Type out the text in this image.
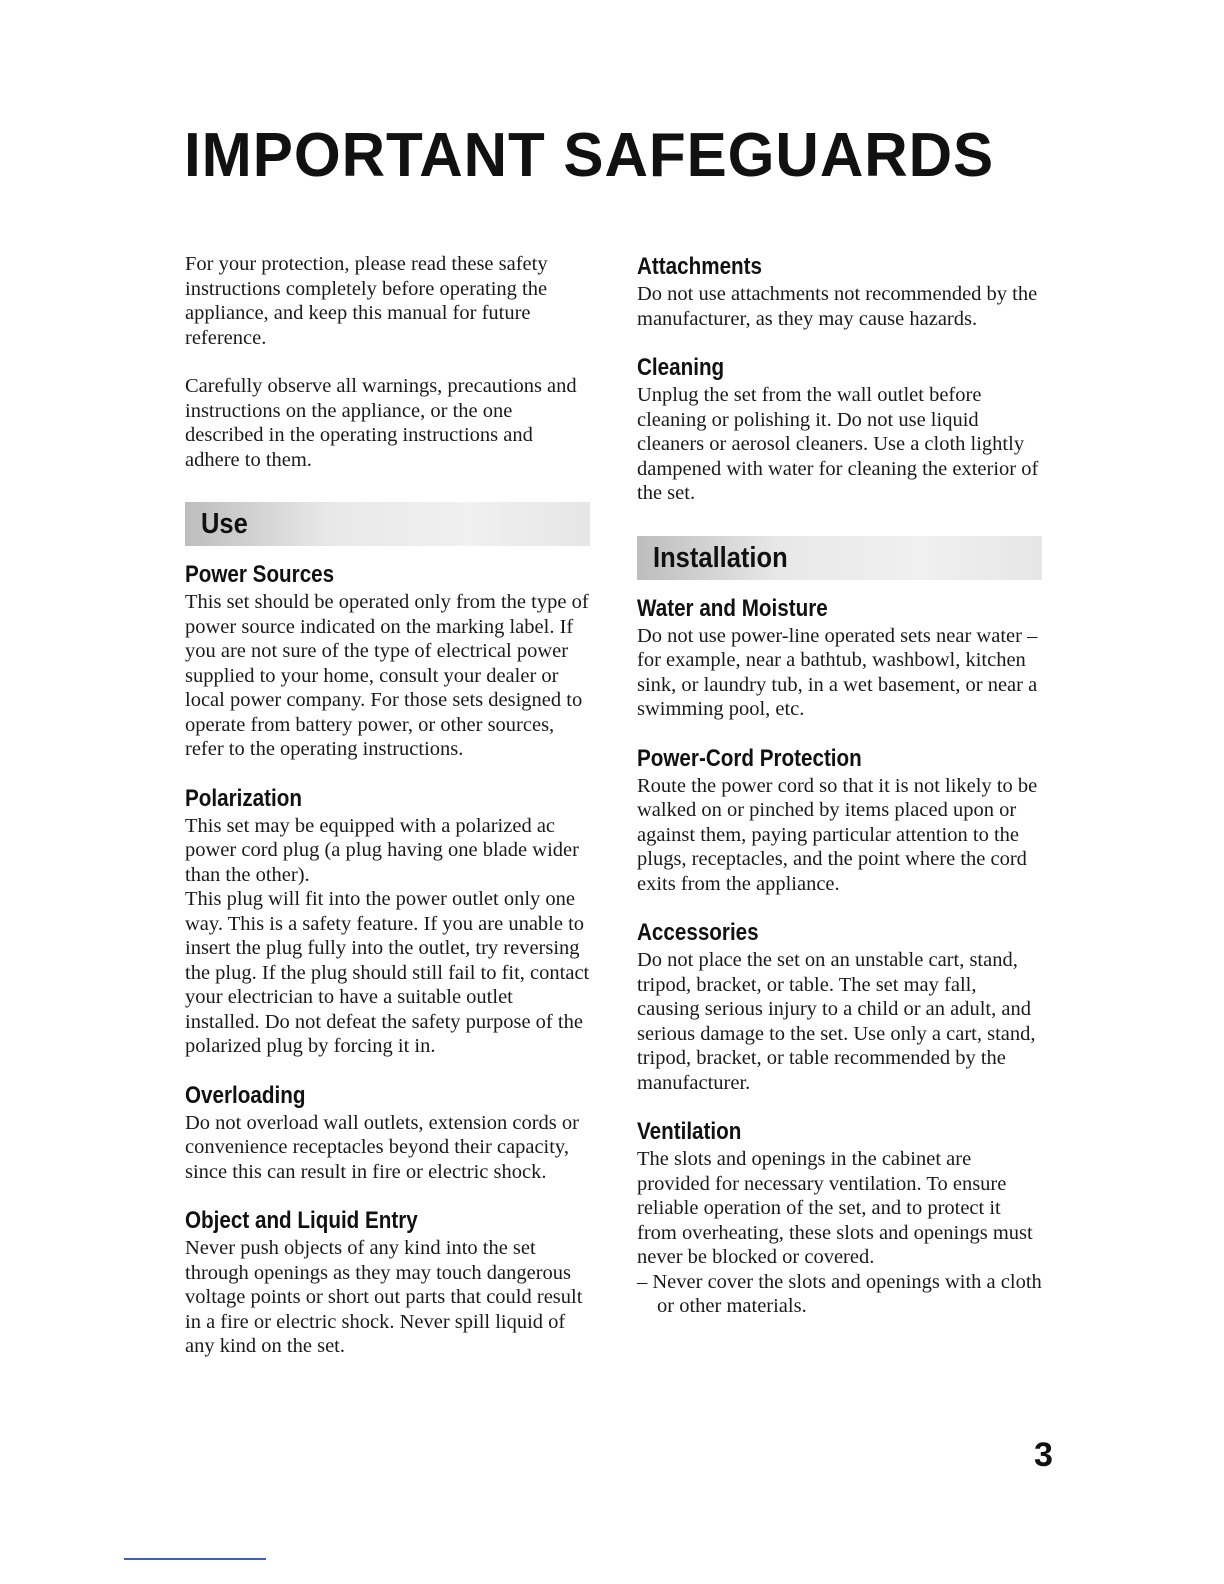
IMPORTANT SAFEGUARDS

For your protection, please read these safety instructions completely before operating the appliance, and keep this manual for future reference.

Carefully observe all warnings, precautions and instructions on the appliance, or the one described in the operating instructions and adhere to them.

Use
Power Sources

This set should be operated only from the type of power source indicated on the marking label. If you are not sure of the type of electrical power supplied to your home, consult your dealer or local power company. For those sets designed to operate from battery power, or other sources, refer to the operating instructions.

Polarization

This set may be equipped with a polarized ac power cord plug (a plug having one blade wider than the other).

This plug will fit into the power outlet only one way. This is a safety feature. If you are unable to insert the plug fully into the outlet, try reversing the plug. If the plug should still fail to fit, contact your electrician to have a suitable outlet installed. Do not defeat the safety purpose of the polarized plug by forcing it in.

Overloading

Do not overload wall outlets, extension cords or convenience receptacles beyond their capacity, since this can result in fire or electric shock.

Object and Liquid Entry

Never push objects of any kind into the set through openings as they may touch dangerous voltage points or short out parts that could result in a fire or electric shock. Never spill liquid of any kind on the set.

Attachments

Do not use attachments not recommended by the manufacturer, as they may cause hazards.

Cleaning

Unplug the set from the wall outlet before cleaning or polishing it. Do not use liquid cleaners or aerosol cleaners. Use a cloth lightly dampened with water for cleaning the exterior of the set.

Installation
Water and Moisture

Do not use power-line operated sets near water – for example, near a bathtub, washbowl, kitchen sink, or laundry tub, in a wet basement, or near a swimming pool, etc.

Power-Cord Protection

Route the power cord so that it is not likely to be walked on or pinched by items placed upon or against them, paying particular attention to the plugs, receptacles, and the point where the cord exits from the appliance.

Accessories

Do not place the set on an unstable cart, stand, tripod, bracket, or table. The set may fall, causing serious injury to a child or an adult, and serious damage to the set. Use only a cart, stand, tripod, bracket, or table recommended by the manufacturer.

Ventilation

The slots and openings in the cabinet are provided for necessary ventilation. To ensure reliable operation of the set, and to protect it from overheating, these slots and openings must never be blocked or covered.

– Never cover the slots and openings with a cloth or other materials.
3
